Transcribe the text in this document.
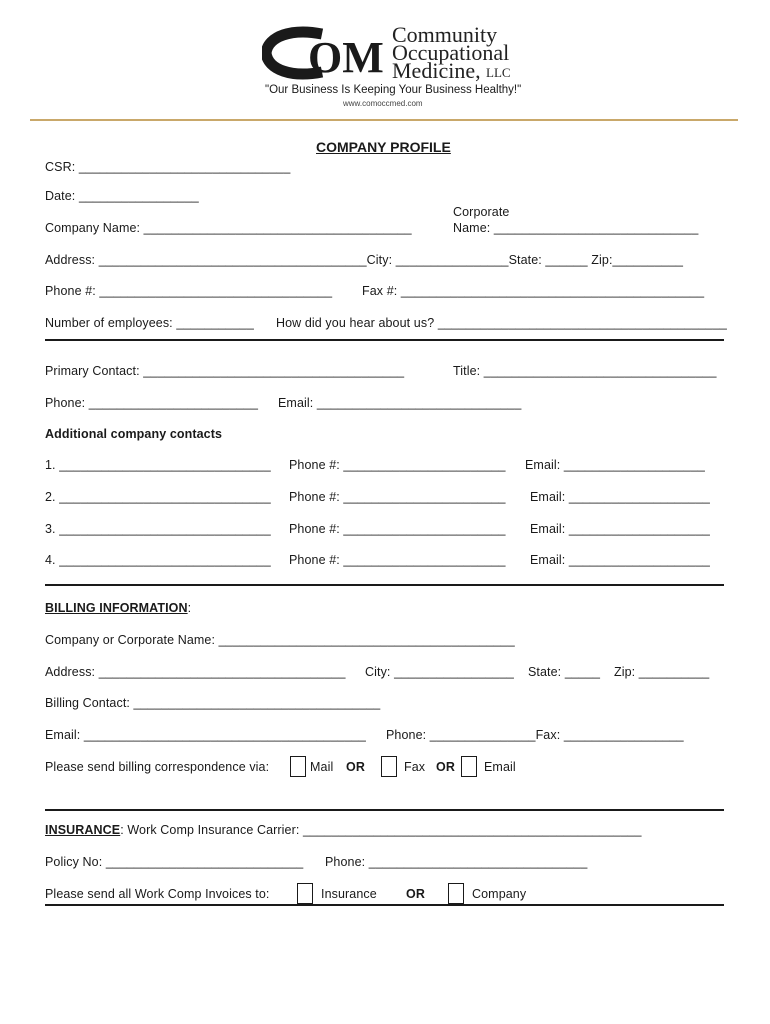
OM Community
Occupational
Medicine, LLC
"Our Business Is Keeping Your Business Healthy!"
www.comoccmed.com
COMPANY PROFILE
CSR: ______________________________
Date: _________________
Corporate
Company Name: ______________________________________	Name: _____________________________
Address: ______________________________________City: ________________State: ______ Zip:__________
Phone #: _________________________________ Fax #: ___________________________________________
Number of employees: ___________ How did you hear about us? _________________________________________
Primary Contact: _____________________________________	Title: _________________________________
Phone: ________________________ Email: _____________________________
Additional company contacts
1. ______________________________ Phone #: _______________________ Email: ____________________
2. ______________________________ Phone #: _______________________ Email: ____________________
3. ______________________________ Phone #: _______________________ Email: ____________________
4. ______________________________ Phone #: _______________________ Email: ____________________
BILLING INFORMATION:
Company or Corporate Name: __________________________________________
Address: ___________________________________ City: _________________ State: _____ Zip: __________
Billing Contact: ___________________________________
Email: ________________________________________ Phone: _______________Fax: _________________
Please send billing correspondence via:	Mail OR	Fax OR Email
INSURANCE: Work Comp Insurance Carrier: ________________________________________________
Policy No: ____________________________ Phone: _______________________________
Please send all Work Comp Invoices to:	Insurance OR	Company
